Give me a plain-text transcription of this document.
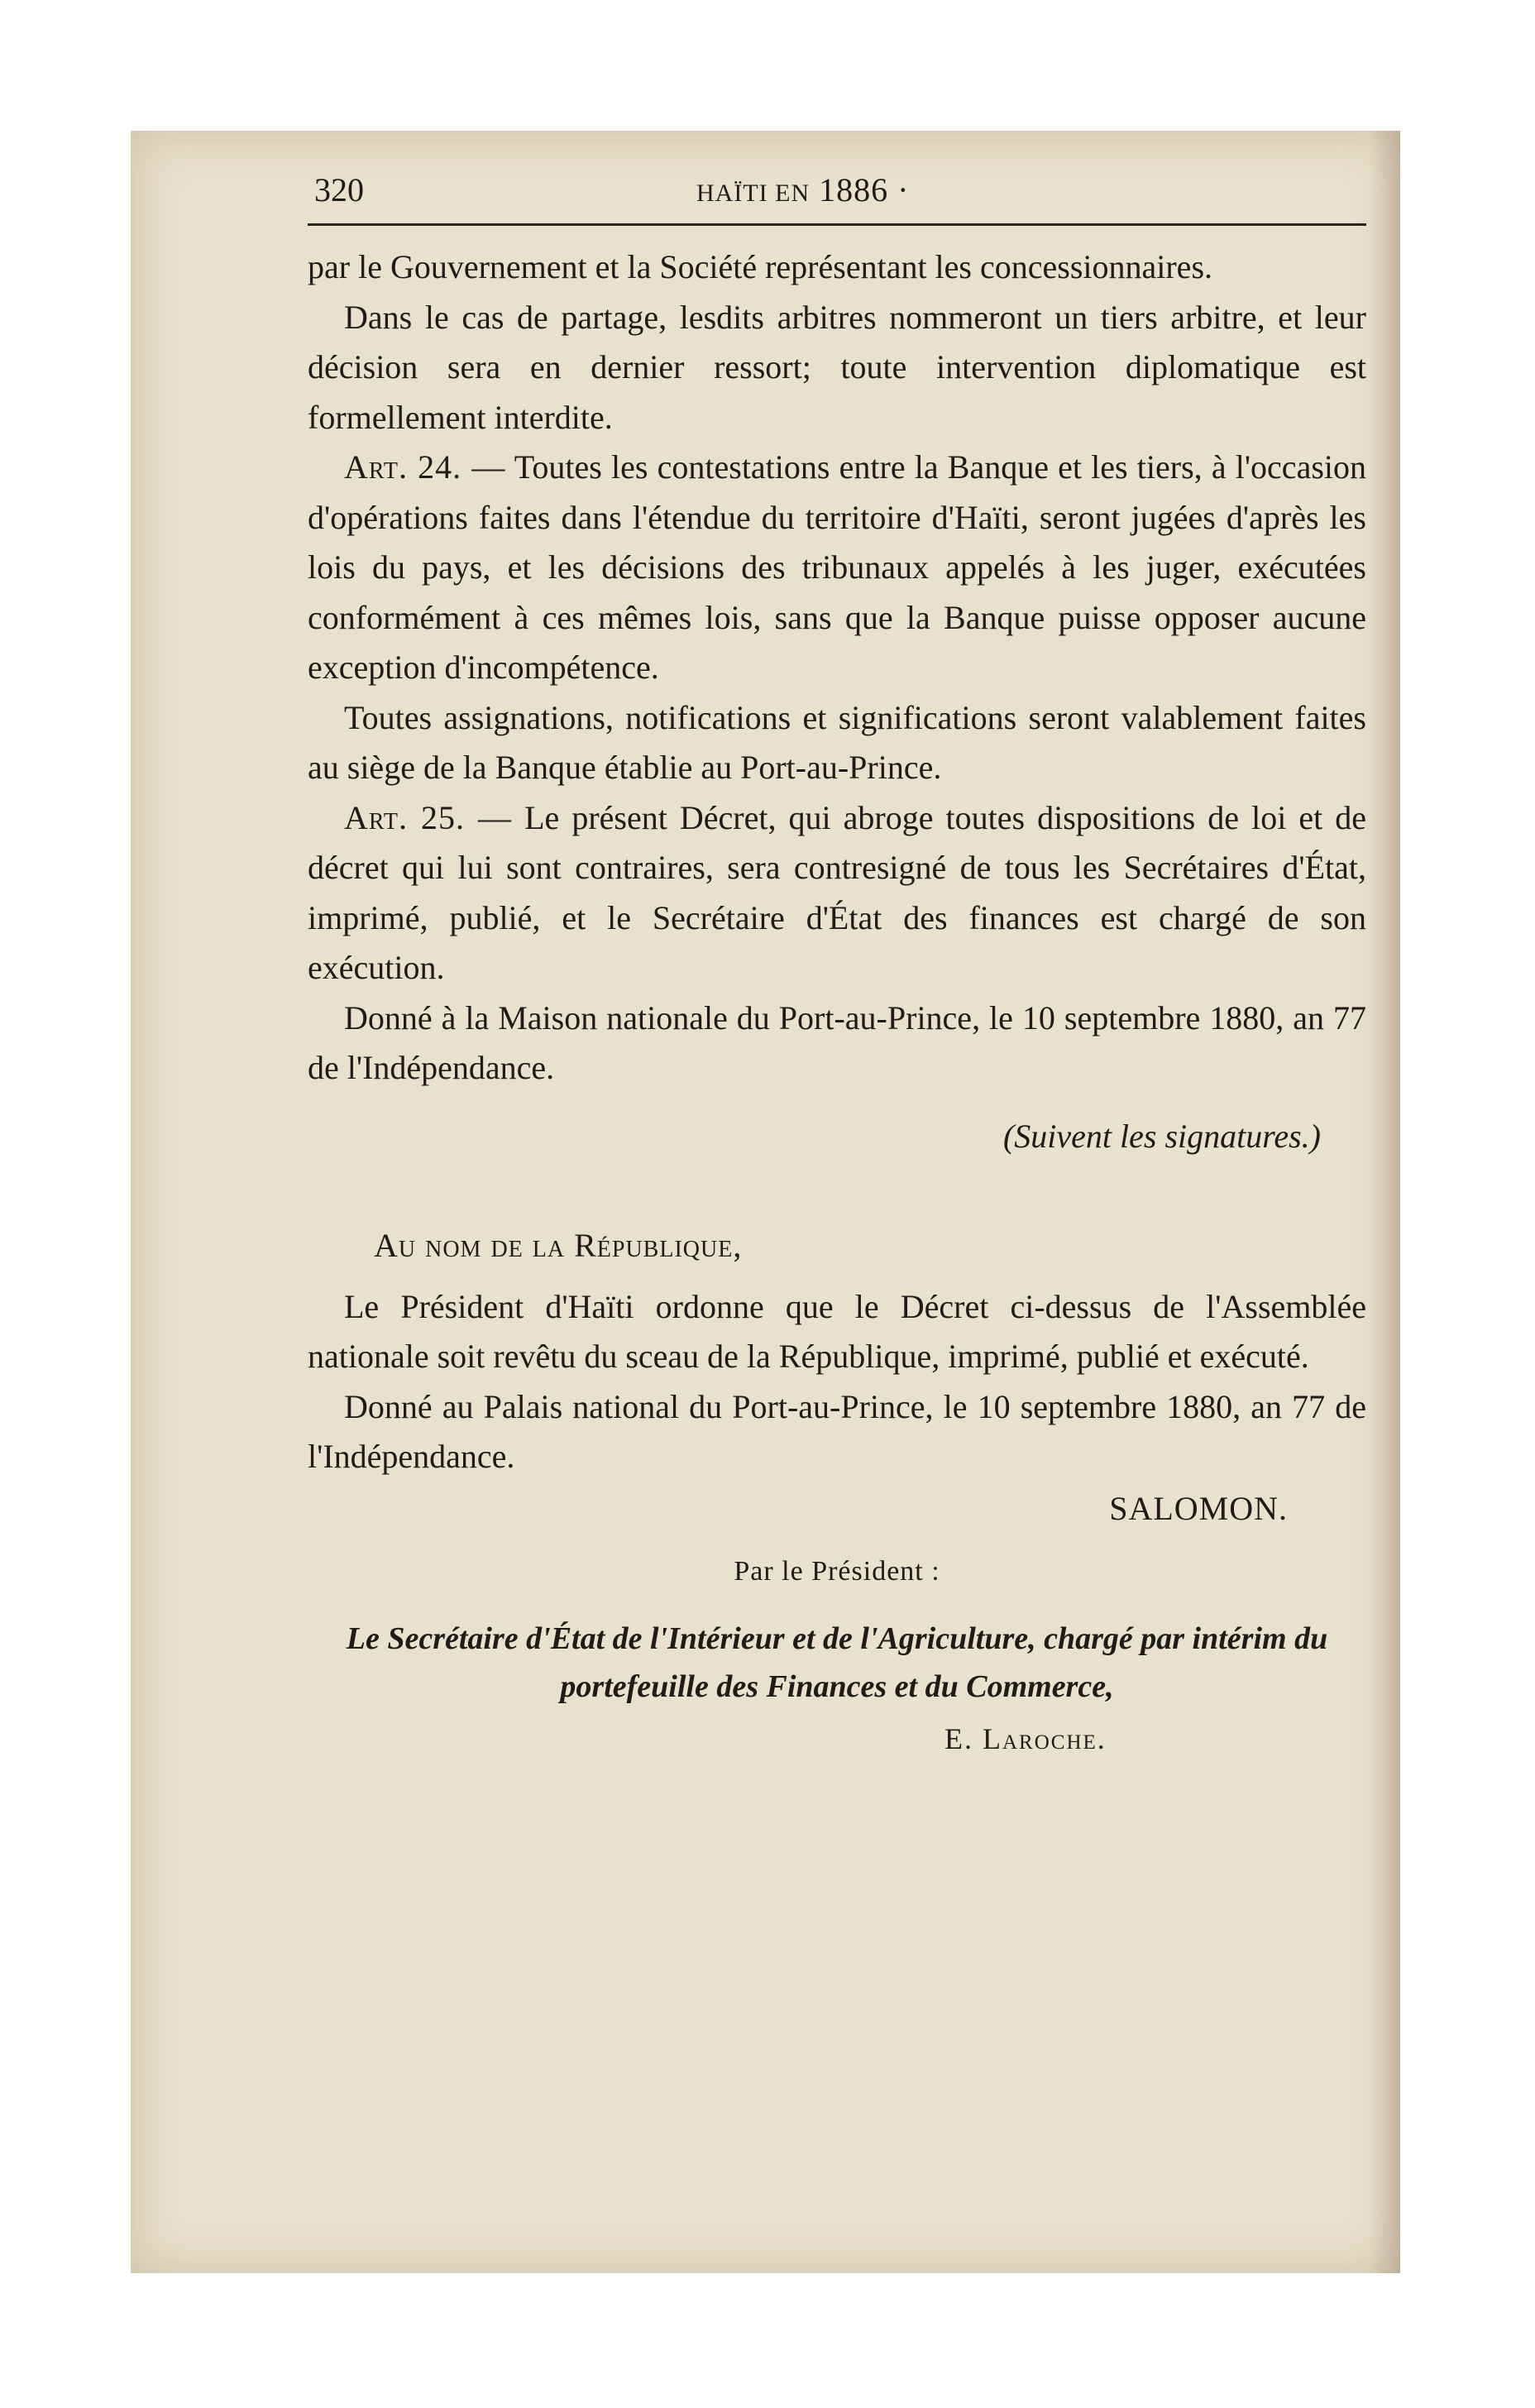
320	HAÏTI EN 1886 ·

par le Gouvernement et la Société représentant les concessionnaires.

Dans le cas de partage, lesdits arbitres nommeront un tiers arbitre, et leur décision sera en dernier ressort; toute intervention diplomatique est formellement interdite.

Art. 24. — Toutes les contestations entre la Banque et les tiers, à l'occasion d'opérations faites dans l'étendue du territoire d'Haïti, seront jugées d'après les lois du pays, et les décisions des tribunaux appelés à les juger, exécutées conformément à ces mêmes lois, sans que la Banque puisse opposer aucune exception d'incompétence.

Toutes assignations, notifications et significations seront valablement faites au siège de la Banque établie au Port-au-Prince.

Art. 25. — Le présent Décret, qui abroge toutes dispositions de loi et de décret qui lui sont contraires, sera contresigné de tous les Secrétaires d'État, imprimé, publié, et le Secrétaire d'État des finances est chargé de son exécution.

Donné à la Maison nationale du Port-au-Prince, le 10 septembre 1880, an 77 de l'Indépendance.

(Suivent les signatures.)
Au nom de la République,

Le Président d'Haïti ordonne que le Décret ci-dessus de l'Assemblée nationale soit revêtu du sceau de la République, imprimé, publié et exécuté.

Donné au Palais national du Port-au-Prince, le 10 septembre 1880, an 77 de l'Indépendance.

SALOMON.
Par le Président :
Le Secrétaire d'État de l'Intérieur et de l'Agriculture, chargé par intérim du portefeuille des Finances et du Commerce,
E. Laroche.
